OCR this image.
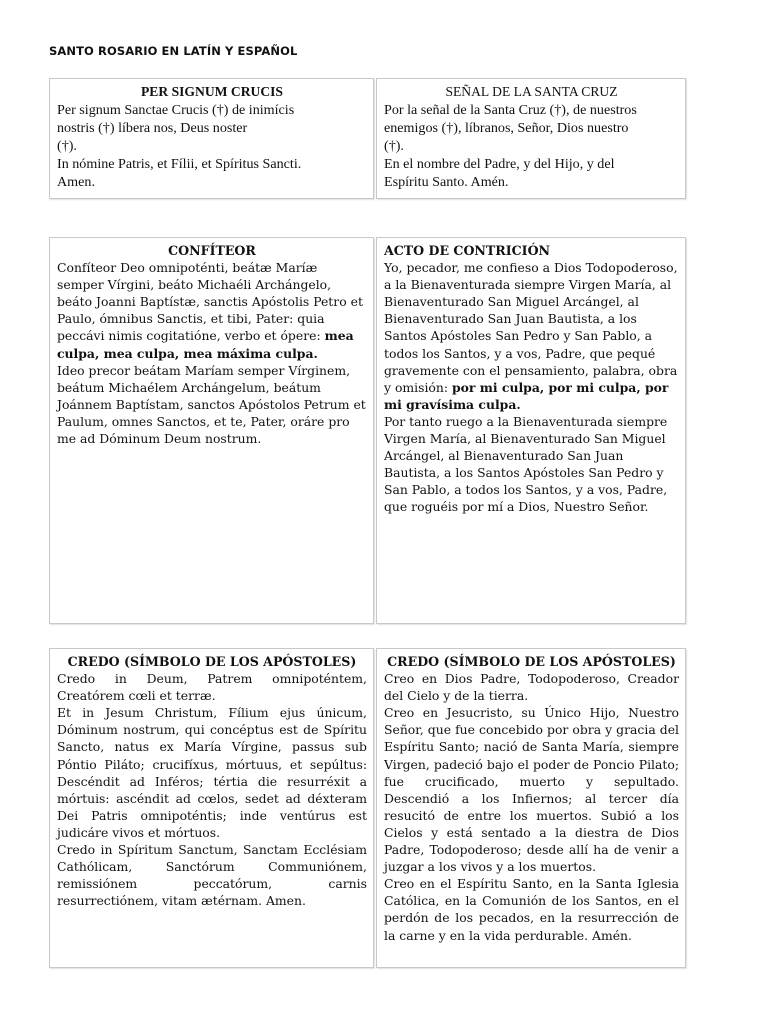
SANTO ROSARIO EN LATÍN Y ESPAÑOL
PER SIGNUM CRUCIS

Per signum Sanctae Crucis (†) de inimícis

nostris (†) líbera nos, Deus noster

(†).

In nómine Patris, et Fílii, et Spíritus Sancti.

Amen.

SEÑAL DE LA SANTA CRUZ

Por la señal de la Santa Cruz (†), de nuestros

enemigos (†), líbranos, Señor, Dios nuestro

(†).

En el nombre del Padre, y del Hijo, y del

Espíritu Santo. Amén.

CONFÍTEOR

Confíteor Deo omnipoténti, beátæ Maríæ semper Vírgini, beáto Michaéli Archángelo, beáto Joanni Baptístæ, sanctis Apóstolis Petro et Paulo, ómnibus Sanctis, et tibi, Pater: quia peccávi nimis cogitatióne, verbo et ópere: mea culpa, mea culpa, mea máxima culpa.

Ideo precor beátam Maríam semper Vírginem, beátum Michaélem Archángelum, beátum Joánnem Baptístam, sanctos Apóstolos Petrum et Paulum, omnes Sanctos, et te, Pater, oráre pro me ad Dóminum Deum nostrum.

ACTO DE CONTRICIÓN

Yo, pecador, me confieso a Dios Todopoderoso, a la Bienaventurada siempre Virgen María, al Bienaventurado San Miguel Arcángel, al Bienaventurado San Juan Bautista, a los Santos Apóstoles San Pedro y San Pablo, a todos los Santos, y a vos, Padre, que pequé gravemente con el pensamiento, palabra, obra y omisión: por mi culpa, por mi culpa, por mi gravísima culpa.

Por tanto ruego a la Bienaventurada siempre Virgen María, al Bienaventurado San Miguel Arcángel, al Bienaventurado San Juan Bautista, a los Santos Apóstoles San Pedro y San Pablo, a todos los Santos, y a vos, Padre, que roguéis por mí a Dios, Nuestro Señor.

CREDO (SÍMBOLO DE LOS APÓSTOLES)

Credo in Deum, Patrem omnipoténtem, Creatórem cœli et terræ.

Et in Jesum Christum, Fílium ejus únicum, Dóminum nostrum, qui concéptus est de Spíritu Sancto, natus ex María Vírgine, passus sub Póntio Piláto; crucifíxus, mórtuus, et sepúltus: Descéndit ad Inféros; tértia die resurréxit a mórtuis: ascéndit ad cœlos, sedet ad déxteram Dei Patris omnipoténtis; inde ventúrus est judicáre vivos et mórtuos.

Credo in Spíritum Sanctum, Sanctam Ecclésiam Cathólicam, Sanctórum Communiónem, remissiónem peccatórum, carnis resurrectiónem, vitam ætérnam. Amen.

CREDO (SÍMBOLO DE LOS APÓSTOLES)

Creo en Dios Padre, Todopoderoso, Creador del Cielo y de la tierra.

Creo en Jesucristo, su Único Hijo, Nuestro Señor, que fue concebido por obra y gracia del Espíritu Santo; nació de Santa María, siempre Virgen, padeció bajo el poder de Poncio Pilato; fue crucificado, muerto y sepultado. Descendió a los Infiernos; al tercer día resucitó de entre los muertos. Subió a los Cielos y está sentado a la diestra de Dios Padre, Todopoderoso; desde allí ha de venir a juzgar a los vivos y a los muertos.

Creo en el Espíritu Santo, en la Santa Iglesia Católica, en la Comunión de los Santos, en el perdón de los pecados, en la resurrección de la carne y en la vida perdurable. Amén.
